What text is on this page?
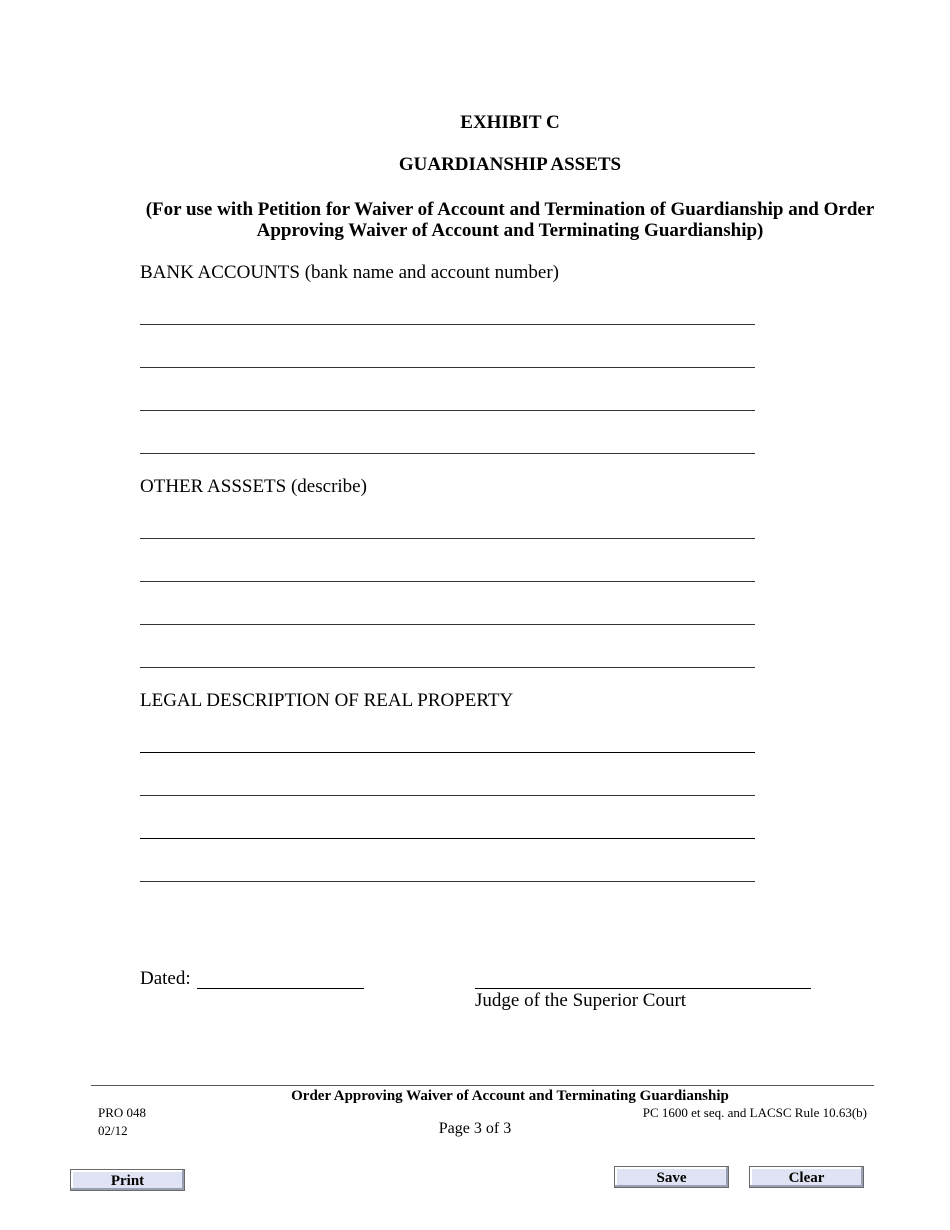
EXHIBIT C
GUARDIANSHIP ASSETS
(For use with Petition for Waiver of Account and Termination of Guardianship and Order
Approving Waiver of Account and Terminating Guardianship)
BANK ACCOUNTS (bank name and account number)
OTHER ASSSETS (describe)
LEGAL DESCRIPTION OF REAL PROPERTY
Dated:
Judge of the Superior Court
Order Approving Waiver of Account and Terminating Guardianship
PRO 048
02/12	Page 3 of 3
PC 1600 et seq. and LACSC Rule 10.63(b)
Print	Save	Clear
